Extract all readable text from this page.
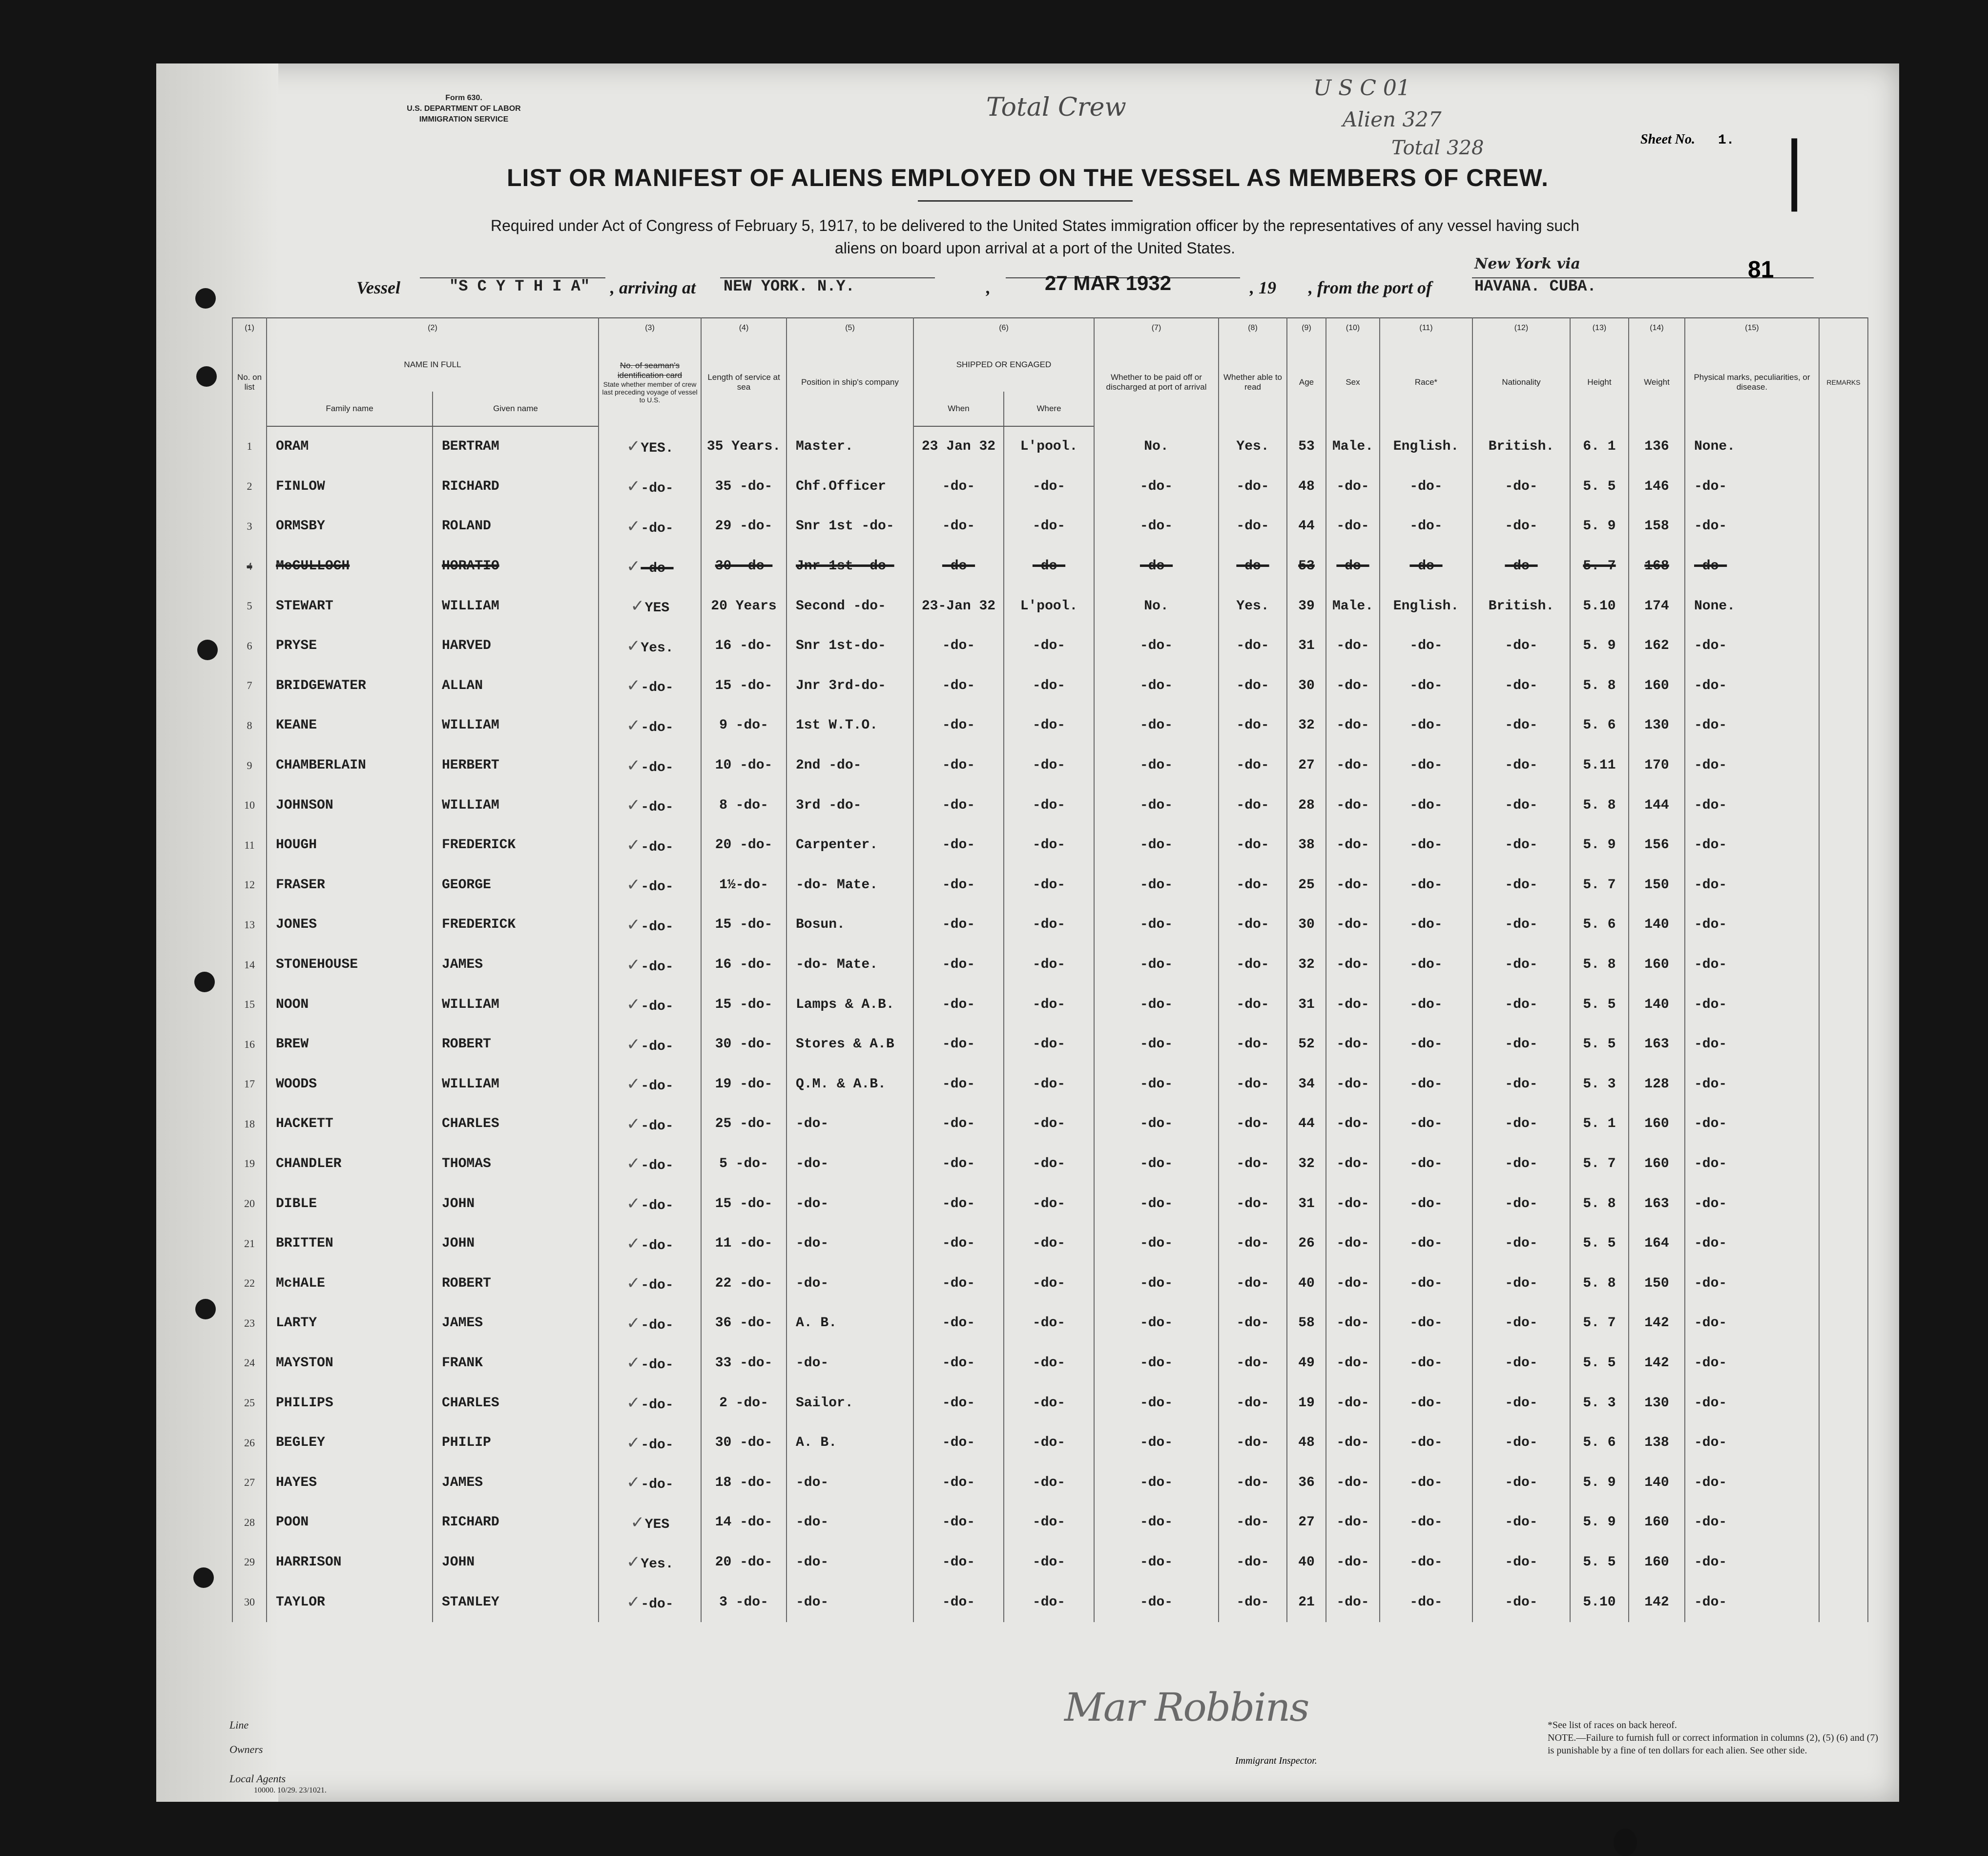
Form 630.
U.S. DEPARTMENT OF LABOR
IMMIGRATION SERVICE	Total Crew
U S C 01
Alien 327
Total 328	Sheet No. 1. |
LIST OR MANIFEST OF ALIENS EMPLOYED ON THE VESSEL AS MEMBERS OF CREW.
Required under Act of Congress of February 5, 1917, to be delivered to the United States immigration officer by the representatives of any vessel having such
aliens on board upon arrival at a port of the United States.
Vessel	"S C Y T H I A" , arriving at NEW YORK. N.Y.	,	27 MAR 1932	, 19 , from the port of
New York via
HAVANA. CUBA.
81
(1)	(2)		(3)	(4)	(5)	(6)		(7)	(8)	(9)	(10)	(11)	(12)	(13)	(14)	(15)	
No. on list	NAME IN FULL		No. of seaman's identification card
State whether member of crew last preceding voyage of vessel to U.S.	Length of service at sea	Position in ship's company	SHIPPED OR ENGAGED		Whether to be paid off or discharged at port of arrival	Whether able to read	Age	Sex	Race*	Nationality	Height	Weight	Physical marks, peculiarities, or disease.	REMARKS
	Family name	Given name				When	Where										
1	ORAM	BERTRAM	✓YES.	35 Years.	Master.	23 Jan 32	L'pool.	No.	Yes.	53	Male.	English.	British.	6. 1	136	None.	
2	FINLOW	RICHARD	✓-do-	35 -do-	Chf.Officer	-do-	-do-	-do-	-do-	48	-do-	-do-	-do-	5. 5	146	-do-	
3	ORMSBY	ROLAND	✓-do-	29 -do-	Snr 1st -do-	-do-	-do-	-do-	-do-	44	-do-	-do-	-do-	5. 9	158	-do-	
4	McCULLOCH	HORATIO	✓-do-	30 -do-	Jnr 1st -do-	-do-	-do-	-do-	-do-	53	-do-	-do-	-do-	5. 7	168	-do-	
5	STEWART	WILLIAM	✓YES	20 Years	Second -do-	23-Jan 32	L'pool.	No.	Yes.	39	Male.	English.	British.	5.10	174	None.	
6	PRYSE	HARVED	✓Yes.	16 -do-	Snr 1st-do-	-do-	-do-	-do-	-do-	31	-do-	-do-	-do-	5. 9	162	-do-	
7	BRIDGEWATER	ALLAN	✓-do-	15 -do-	Jnr 3rd-do-	-do-	-do-	-do-	-do-	30	-do-	-do-	-do-	5. 8	160	-do-	
8	KEANE	WILLIAM	✓-do-	9 -do-	1st W.T.O.	-do-	-do-	-do-	-do-	32	-do-	-do-	-do-	5. 6	130	-do-	
9	CHAMBERLAIN	HERBERT	✓-do-	10 -do-	2nd -do-	-do-	-do-	-do-	-do-	27	-do-	-do-	-do-	5.11	170	-do-	
10	JOHNSON	WILLIAM	✓-do-	8 -do-	3rd -do-	-do-	-do-	-do-	-do-	28	-do-	-do-	-do-	5. 8	144	-do-	
11	HOUGH	FREDERICK	✓-do-	20 -do-	Carpenter.	-do-	-do-	-do-	-do-	38	-do-	-do-	-do-	5. 9	156	-do-	
12	FRASER	GEORGE	✓-do-	1½-do-	-do- Mate.	-do-	-do-	-do-	-do-	25	-do-	-do-	-do-	5. 7	150	-do-	
13	JONES	FREDERICK	✓-do-	15 -do-	Bosun.	-do-	-do-	-do-	-do-	30	-do-	-do-	-do-	5. 6	140	-do-	
14	STONEHOUSE	JAMES	✓-do-	16 -do-	-do- Mate.	-do-	-do-	-do-	-do-	32	-do-	-do-	-do-	5. 8	160	-do-	
15	NOON	WILLIAM	✓-do-	15 -do-	Lamps & A.B.	-do-	-do-	-do-	-do-	31	-do-	-do-	-do-	5. 5	140	-do-	
16	BREW	ROBERT	✓-do-	30 -do-	Stores & A.B	-do-	-do-	-do-	-do-	52	-do-	-do-	-do-	5. 5	163	-do-	
17	WOODS	WILLIAM	✓-do-	19 -do-	Q.M. & A.B.	-do-	-do-	-do-	-do-	34	-do-	-do-	-do-	5. 3	128	-do-	
18	HACKETT	CHARLES	✓-do-	25 -do-	-do-	-do-	-do-	-do-	-do-	44	-do-	-do-	-do-	5. 1	160	-do-	
19	CHANDLER	THOMAS	✓-do-	5 -do-	-do-	-do-	-do-	-do-	-do-	32	-do-	-do-	-do-	5. 7	160	-do-	
20	DIBLE	JOHN	✓-do-	15 -do-	-do-	-do-	-do-	-do-	-do-	31	-do-	-do-	-do-	5. 8	163	-do-	
21	BRITTEN	JOHN	✓-do-	11 -do-	-do-	-do-	-do-	-do-	-do-	26	-do-	-do-	-do-	5. 5	164	-do-	
22	McHALE	ROBERT	✓-do-	22 -do-	-do-	-do-	-do-	-do-	-do-	40	-do-	-do-	-do-	5. 8	150	-do-	
23	LARTY	JAMES	✓-do-	36 -do-	A. B.	-do-	-do-	-do-	-do-	58	-do-	-do-	-do-	5. 7	142	-do-	
24	MAYSTON	FRANK	✓-do-	33 -do-	-do-	-do-	-do-	-do-	-do-	49	-do-	-do-	-do-	5. 5	142	-do-	
25	PHILIPS	CHARLES	✓-do-	2 -do-	Sailor.	-do-	-do-	-do-	-do-	19	-do-	-do-	-do-	5. 3	130	-do-	
26	BEGLEY	PHILIP	✓-do-	30 -do-	A. B.	-do-	-do-	-do-	-do-	48	-do-	-do-	-do-	5. 6	138	-do-	
27	HAYES	JAMES	✓-do-	18 -do-	-do-	-do-	-do-	-do-	-do-	36	-do-	-do-	-do-	5. 9	140	-do-	
28	POON	RICHARD	✓YES	14 -do-	-do-	-do-	-do-	-do-	-do-	27	-do-	-do-	-do-	5. 9	160	-do-	
29	HARRISON	JOHN	✓Yes.	20 -do-	-do-	-do-	-do-	-do-	-do-	40	-do-	-do-	-do-	5. 5	160	-do-	
30	TAYLOR	STANLEY	✓-do-	3 -do-	-do-	-do-	-do-	-do-	-do-	21	-do-	-do-	-do-	5.10	142	-do-	
Line
Owners
Local Agents
10000. 10/29. 23/1021.
Mar Robbins
Immigrant Inspector.
*See list of races on back hereof.
NOTE.—Failure to furnish full or correct information in columns (2), (5) (6) and (7) is punishable by a fine of ten dollars for each alien. See other side.
